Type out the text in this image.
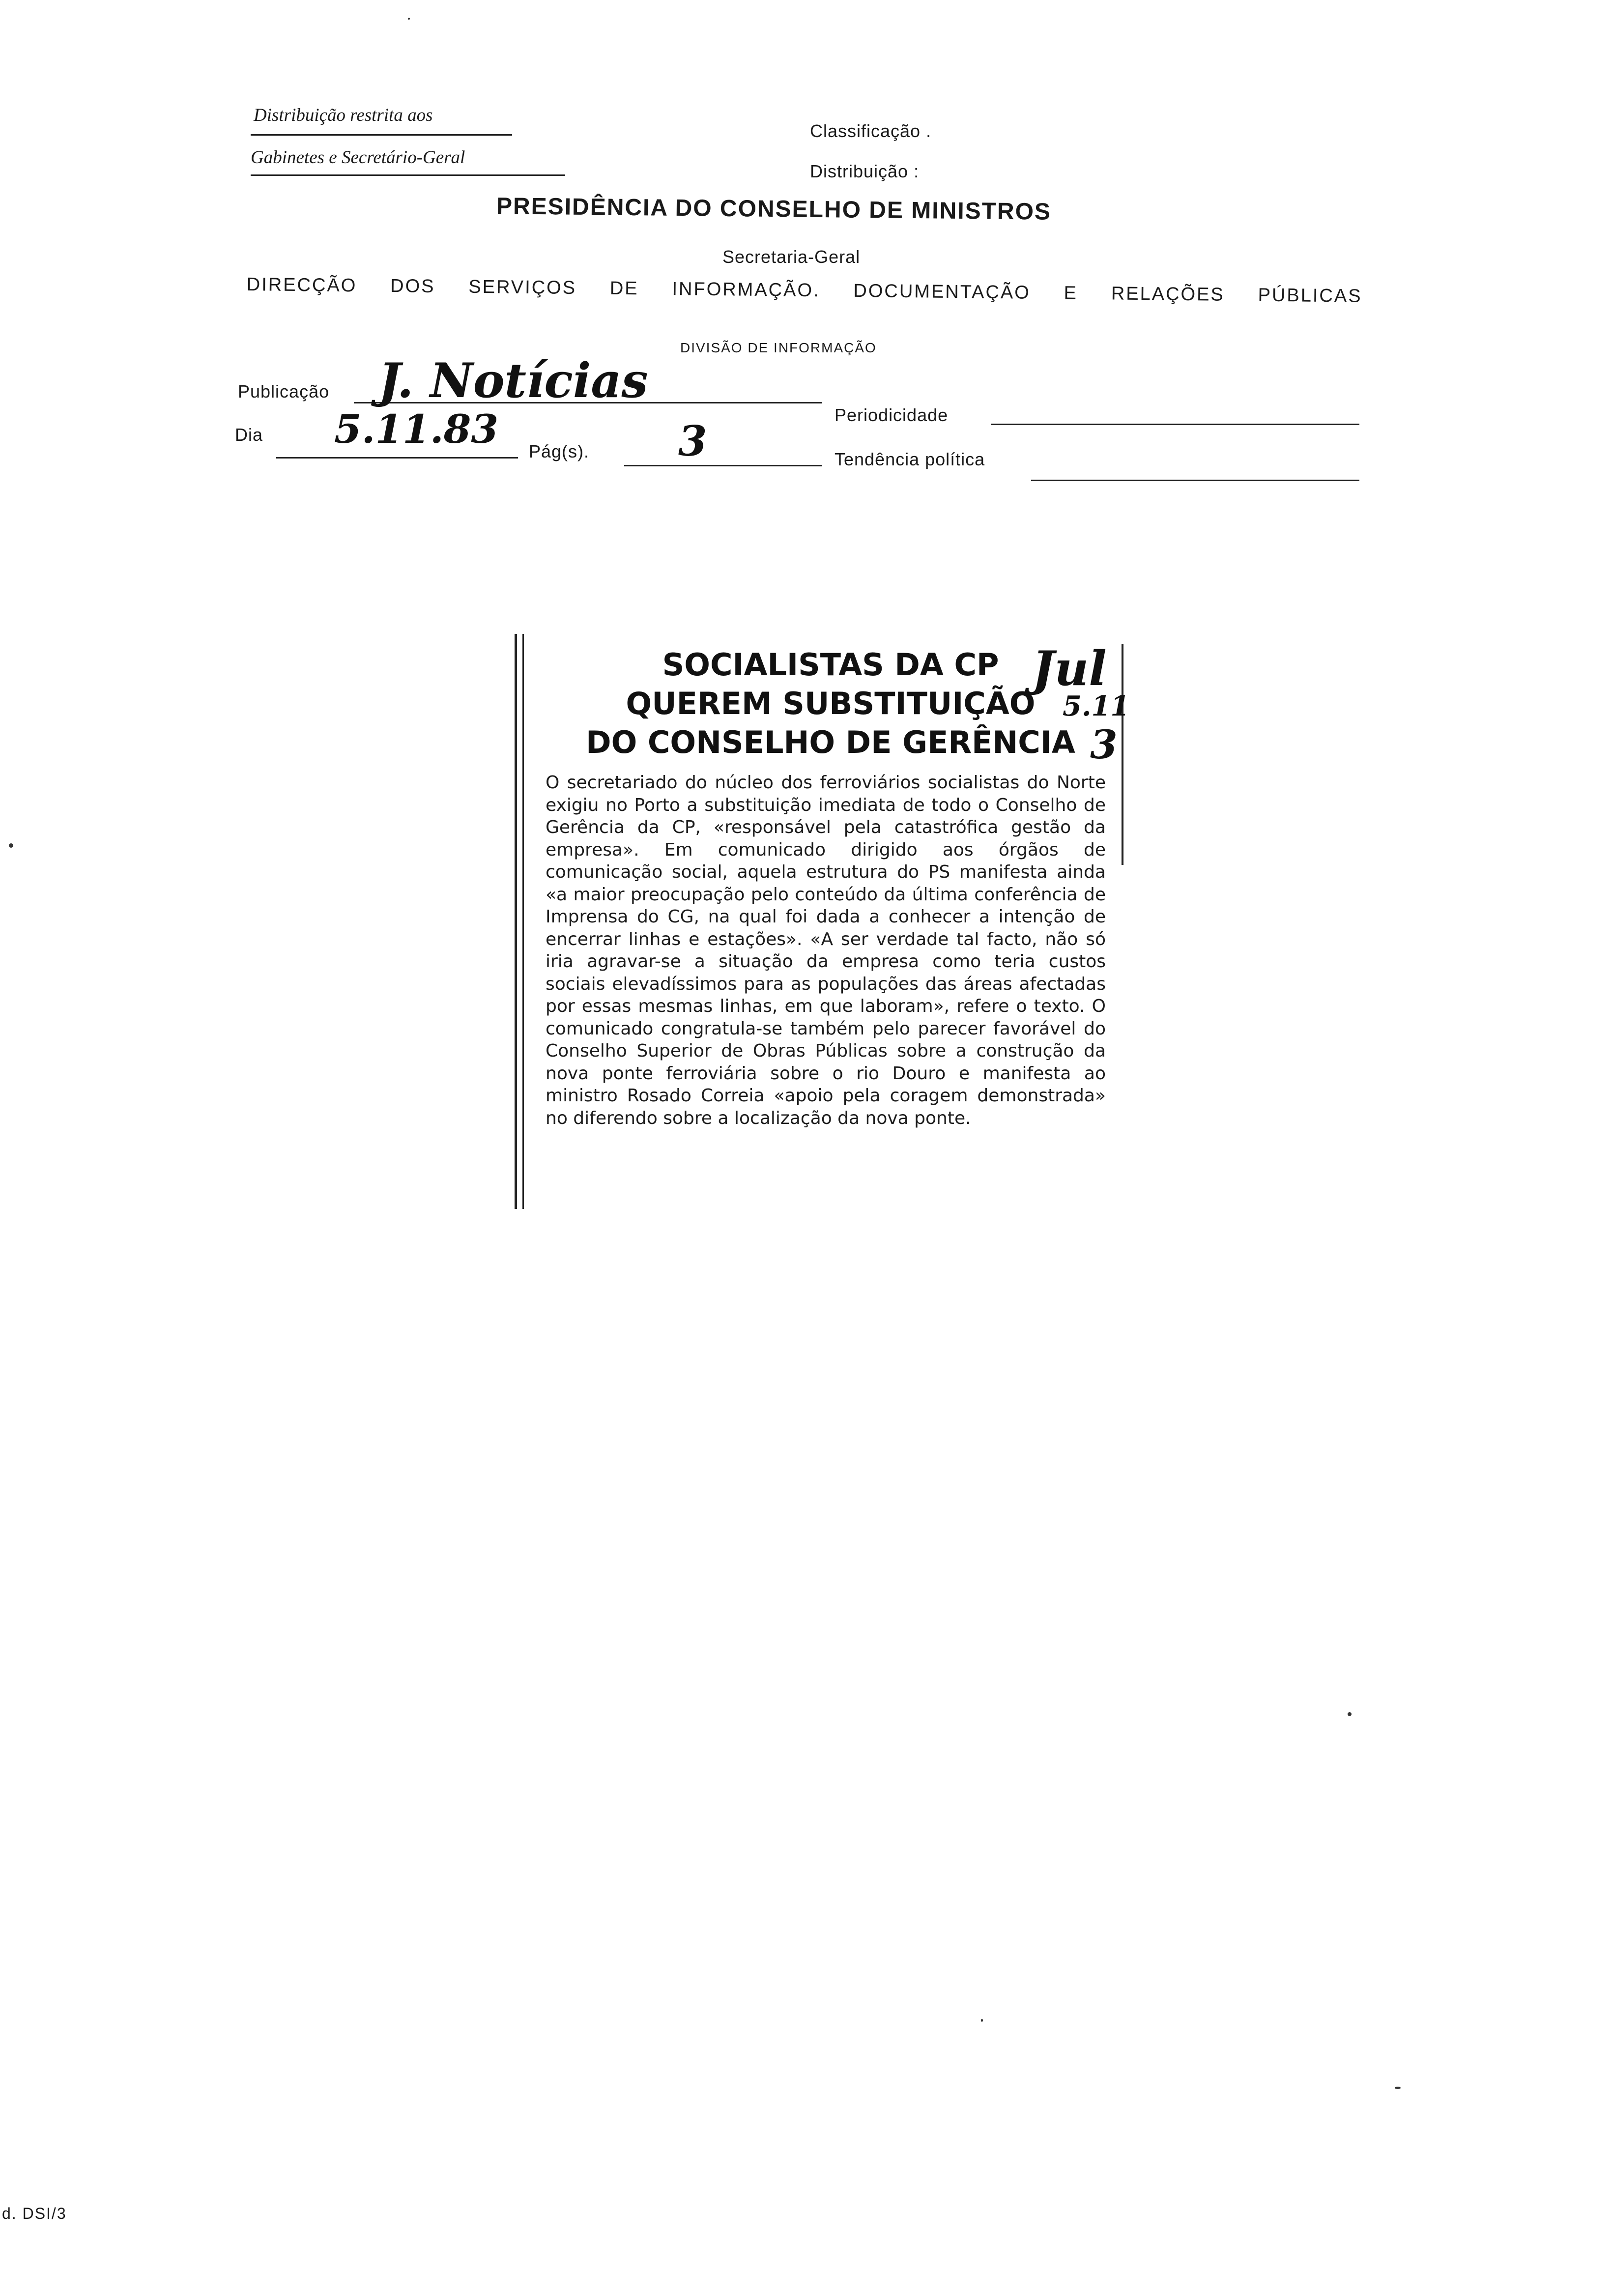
Distribuição restrita aos
Gabinetes e Secretário-Geral
Classificação .
Distribuição :
PRESIDÊNCIA DO CONSELHO DE MINISTROS
Secretaria-Geral
DIRECÇÃO DOS SERVIÇOS DE INFORMAÇÃO. DOCUMENTAÇÃO E RELAÇÕES PÚBLICAS
DIVISÃO DE INFORMAÇÃO
Publicação J. Notícias
Periodicidade
Dia 5.11.83 Pág(s). 3	Tendência política
SOCIALISTAS DA CP
QUEREM SUBSTITUIÇÃO
DO CONSELHO DE GERÊNCIA
Jul
5.11
3
O secretariado do núcleo dos ferroviários socialistas do Norte exigiu no Porto a substituição imediata de todo o Conselho de Gerência da CP, «responsável pela catastrófica gestão da empresa». Em comunicado dirigido aos órgãos de comunicação social, aquela estrutura do PS manifesta ainda «a maior preocupação pelo conteúdo da última conferência de Imprensa do CG, na qual foi dada a conhecer a intenção de encerrar linhas e estações». «A ser verdade tal facto, não só iria agravar-se a situação da empresa como teria custos sociais elevadíssimos para as populações das áreas afectadas por essas mesmas linhas, em que laboram», refere o texto. O comunicado congratula-se também pelo parecer favorável do Conselho Superior de Obras Públicas sobre a construção da nova ponte ferroviária sobre o rio Douro e manifesta ao ministro Rosado Correia «apoio pela coragem demonstrada» no diferendo sobre a localização da nova ponte.
d. DSI/3
